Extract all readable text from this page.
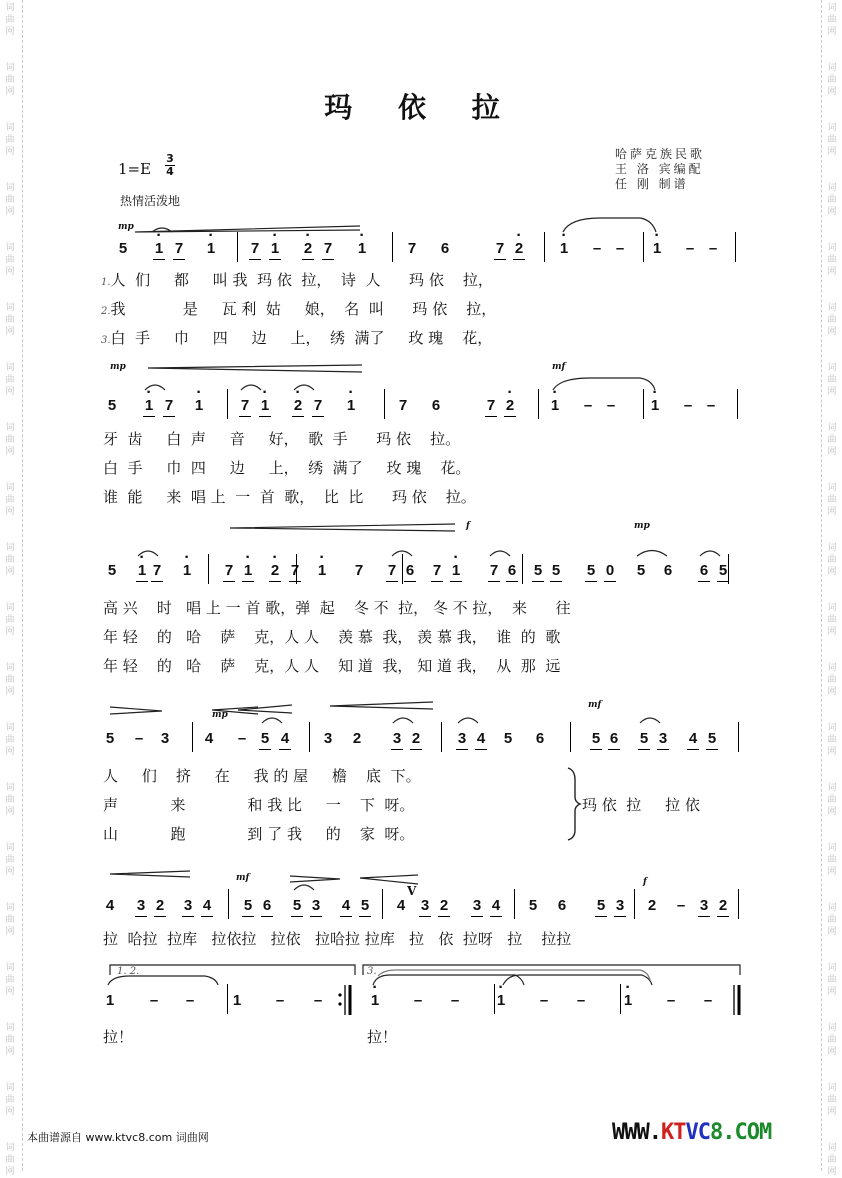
词
曲
网
词
曲
网
词
曲
网
词
曲
网
词
曲
网
词
曲
网
词
曲
网
词
曲
网
词
曲
网
词
曲
网
词
曲
网
词
曲
网
词
曲
网
词
曲
网
词
曲
网
词
曲
网
词
曲
网
词
曲
网
词
曲
网
词
曲
网
词
曲
网
词
曲
网
词
曲
网
词
曲
网
词
曲
网
词
曲
网
词
曲
网
词
曲
网
词
曲
网
词
曲
网
词
曲
网
词
曲
网
词
曲
网
词
曲
网
词
曲
网
词
曲
网
词
曲
网
词
曲
网
词
曲
网
词
曲
网
玛 依 拉
1=E
3
4
热情活泼地
哈萨克族民歌
王 洛 宾编配
任 刚 制谱
mp
5 · 1 7 · 1 7 · 1 · 2 7 · 1	7 6	7 · 2 · 1 – – · 1 – –
1.人  们     都     叫 我  玛 依  拉，  诗  人      玛 依    拉，
2.我            是     瓦 利  姑     娘，  名  叫      玛 依    拉，
3.白  手     巾     四     边     上，  绣  满了     玫 瑰    花，
mp	mf
5 · 1 7 · 1	7 · 1 · 2 7 · 1	7 6	7 · 2 · 1 – – · 1 – –
牙  齿     白  声     音     好，  歌  手      玛 依    拉。
白  手     巾  四     边     上，  绣  满了     玫 瑰    花。
谁  能     来  唱 上  一  首  歌，  比  比      玛 依    拉。
f	mp
5 · 1 7 · 1 7 · 1 · 2 7 · 1 7 7 6 7 · 1 7 6 5 5 5 0 5 6 6 5
高 兴    时   唱 上 一 首 歌，弹  起    冬 不  拉， 冬 不 拉，  来      往
年 轻    的   哈    萨    克，人 人    羡 慕  我， 羡 慕 我，  谁  的  歌
年 轻    的   哈    萨    克，人 人    知 道  我， 知 道 我，  从  那  远
mp
mf
5 – 3 4 – 5 4 3 2 3 2	3 4 5 6	5 6 5 3 4 5
人     们    挤     在     我 的 屋     檐    底  下。
声           来             和 我 比     一    下  呀。
山           跑             到 了 我     的    家  呀。
玛 依  拉     拉 依
mf	f
4 3 2 3 4 5 6 5 3 4 5 4 3 2 3 4 5 6 5 3 2 – 3 2
V
拉  哈拉  拉库   拉依拉   拉依   拉哈拉 拉库   拉   依  拉呀   拉    拉拉
1 – –	1 – –	· 1 – –	· 1 – –	· 1 – –
1. 2.	3.
拉！	拉！
本曲谱源自 www.ktvc8.com 词曲网	WWW.KTVC8.COM
